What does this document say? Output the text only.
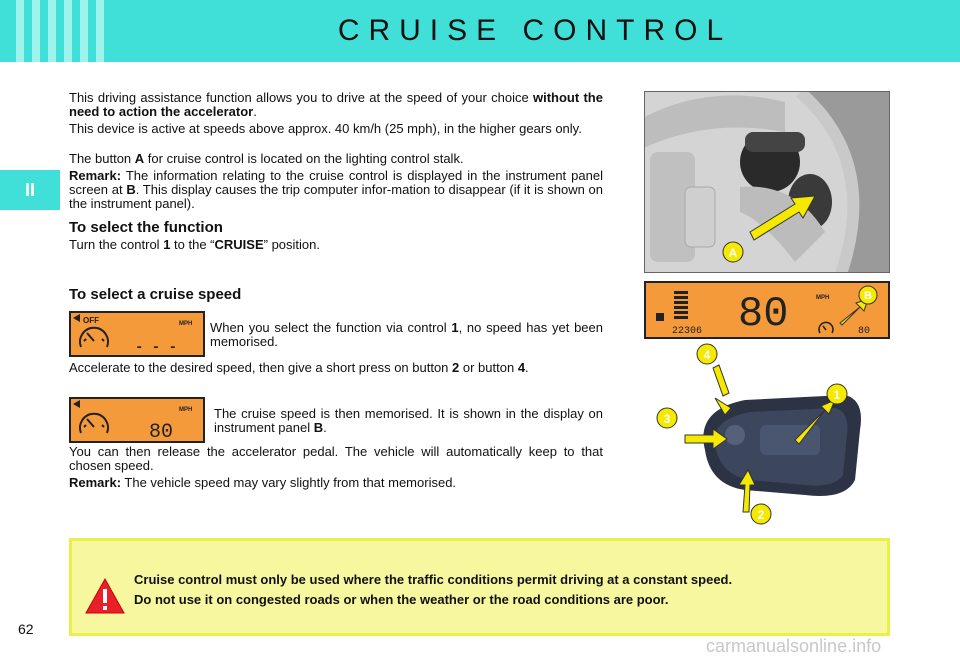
CRUISE CONTROL
II

This driving assistance function allows you to drive at the speed of your choice without the need to action the accelerator.

This device is active at speeds above approx. 40 km/h (25 mph), in the higher gears only.

The button A for cruise control is located on the lighting control stalk.

Remark: The information relating to the cruise control is displayed in the instrument panel screen at B. This display causes the trip computer infor-mation to disappear (if it is shown on the instrument panel).

To select the function

Turn the control 1 to the “CRUISE” position.

To select a cruise speed
OFF	MPH
- - -

When you select the function via control 1, no speed has yet been memorised.

Accelerate to the desired speed, then give a short press on button 2 or button 4.

MPH
80

The cruise speed is then memorised. It is shown in the display on instrument panel B.

You can then release the accelerator pedal. The vehicle will automatically keep to that chosen speed.

Remark: The vehicle speed may vary slightly from that memorised.

A
80	MPH
22306	80
B
4
1
3
2
Cruise control must only be used where the traffic conditions permit driving at a constant speed.
Do not use it on congested roads or when the weather or the road conditions are poor.
62
carmanualsonline.info
